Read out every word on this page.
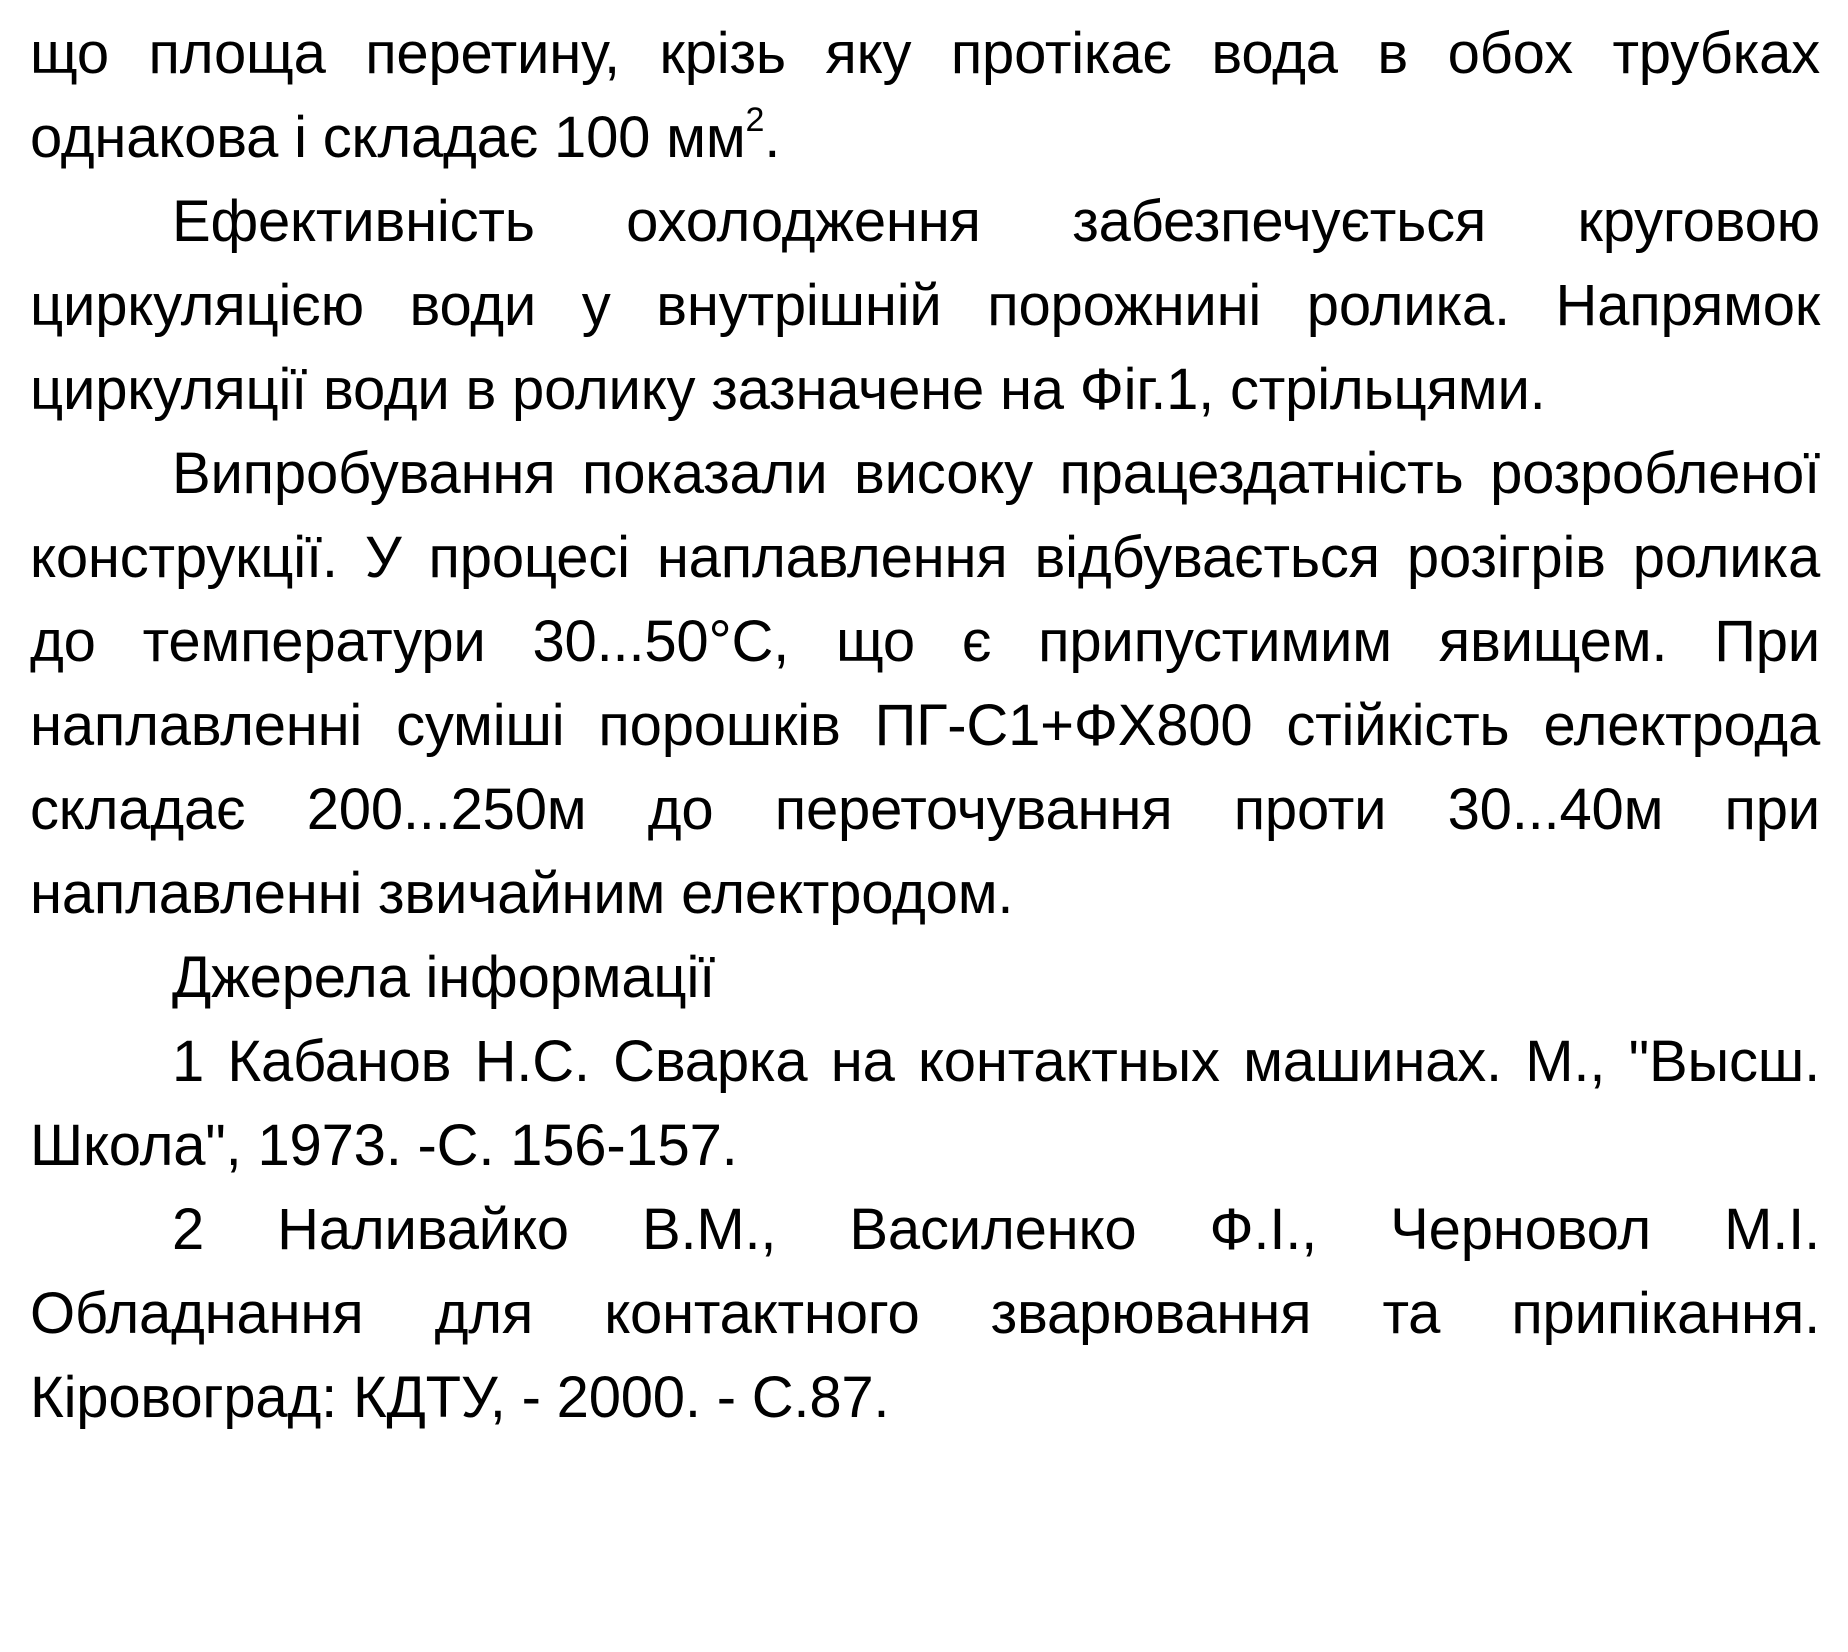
що площа перетину, крізь яку протікає вода в обох трубках однакова і складає 100 $мм^2$.

Ефективність охолодження забезпечується круговою циркуляцією води у внутрішній порожнині ролика. Напрямок циркуляції води в ролику зазначене на Фіг.1, стрільцями.

Випробування показали високу працездатність розробленої конструкції. У процесі наплавлення відбувається розігрів ролика до температури 30...50°С, що є припустимим явищем. При наплавленні суміші порошків ПГ-С1+ФХ800 стійкість електрода складає 200...250м до переточування проти 30...40м при наплавленні звичайним електродом.

Джерела інформації

1 Кабанов Н.С. Сварка на контактных машинах. М., "Высш. Школа", 1973. -С. 156-157.

2 Наливайко В.М., Василенко Ф.І., Черновол М.І. Обладнання для контактного зварювання та припікання. Кіровоград: КДТУ, - 2000. - С.87.
